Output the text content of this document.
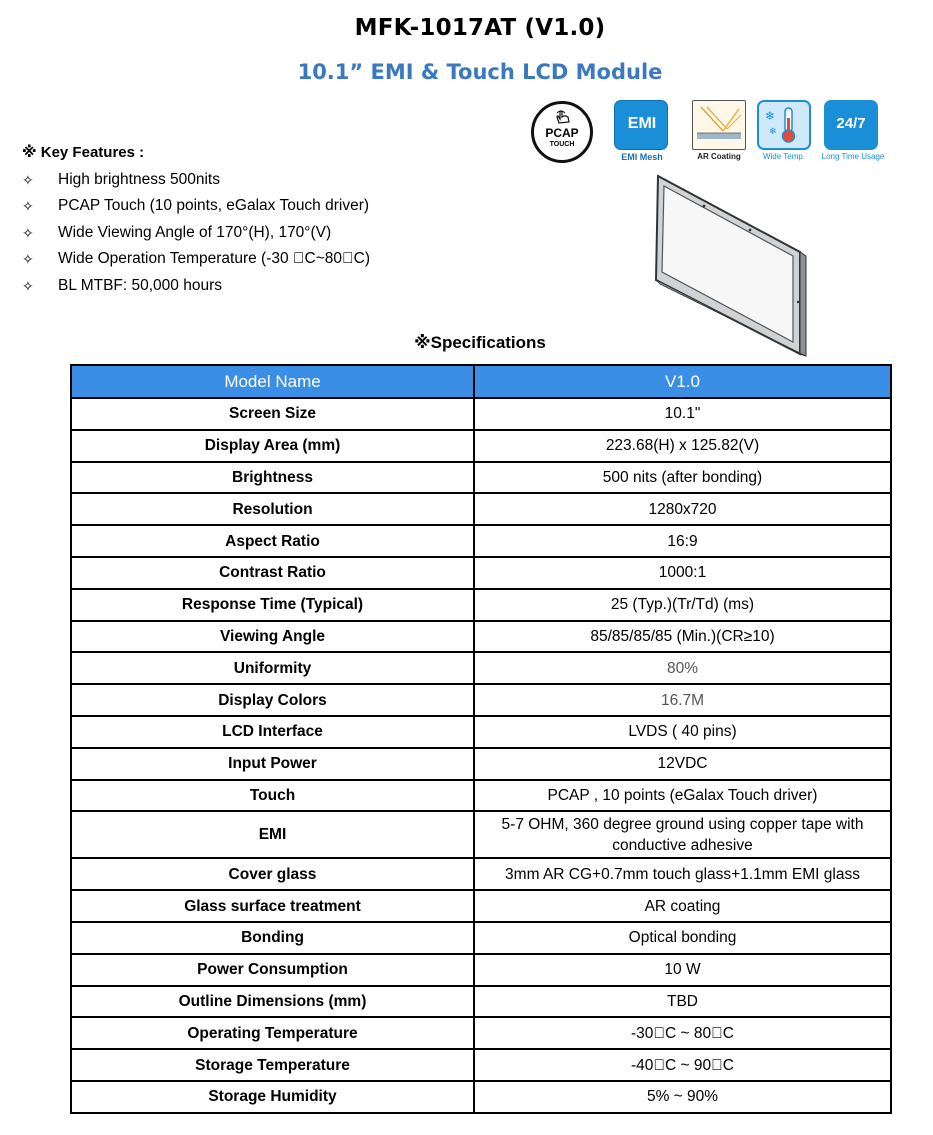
MFK-1017AT (V1.0)
10.1” EMI & Touch LCD Module
PCAP
TOUCH
EMI
EMI Mesh	AR Coating
❄
❄
Wide Temp.
24/7
Long Time Usage
※ Key Features :
✧	High brightness 500nits
✧	PCAP Touch (10 points, eGalax Touch driver)
✧	Wide Viewing Angle of 170°(H), 170°(V)
✧	Wide Operation Temperature (-30 ゚C~80゚C)
✧	BL MTBF: 50,000 hours
※Specifications
Model Name	V1.0
Screen Size	10.1"
Display Area (mm)	223.68(H) x 125.82(V)
Brightness	500 nits (after bonding)
Resolution	1280x720
Aspect Ratio	16:9
Contrast Ratio	1000:1
Response Time (Typical)	25 (Typ.)(Tr/Td) (ms)
Viewing Angle	85/85/85/85 (Min.)(CR≥10)
Uniformity	80%
Display Colors	16.7M
LCD Interface	LVDS ( 40 pins)
Input Power	12VDC
Touch	PCAP , 10 points (eGalax Touch driver)
EMI	5-7 OHM, 360 degree ground using copper tape with conductive adhesive
Cover glass	3mm AR CG+0.7mm touch glass+1.1mm EMI glass
Glass surface treatment	AR coating
Bonding	Optical bonding
Power Consumption	10 W
Outline Dimensions (mm)	TBD
Operating Temperature	-30゚C ~ 80゚C
Storage Temperature	-40゚C ~ 90゚C
Storage Humidity	5% ~ 90%
